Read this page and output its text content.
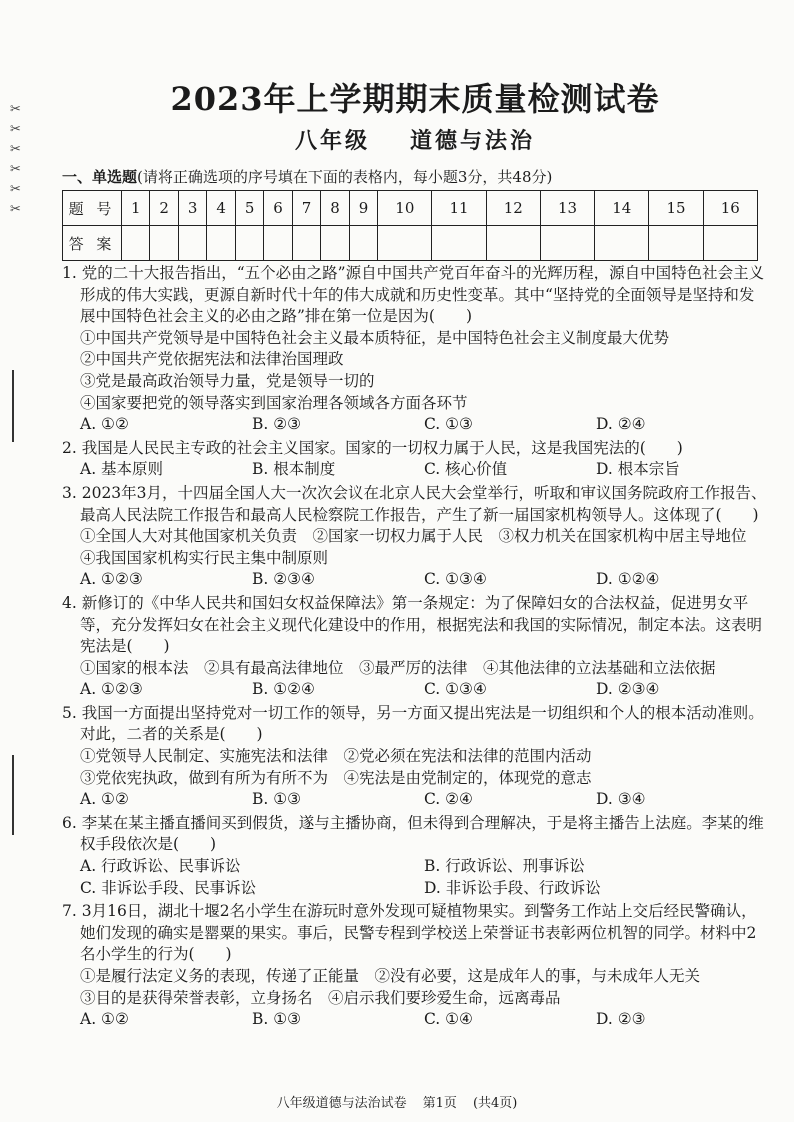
✂
✂
✂
✂
✂
✂
2023年上学期期末质量检测试卷
八年级 道德与法治
一、单选题(请将正确选项的序号填在下面的表格内，每小题3分，共48分)
题 号	1	2	3	4	5	6	7	8	9	10	11	12	13	14	15	16
答 案																
1. 党的二十大报告指出，“五个必由之路”源自中国共产党百年奋斗的光辉历程，源自中国特色社会主义形成的伟大实践，更源自新时代十年的伟大成就和历史性变革。其中“坚持党的全面领导是坚持和发展中国特色社会主义的必由之路”排在第一位是因为(　　)
①中国共产党领导是中国特色社会主义最本质特征，是中国特色社会主义制度最大优势
②中国共产党依据宪法和法律治国理政
③党是最高政治领导力量，党是领导一切的
④国家要把党的领导落实到国家治理各领域各方面各环节
A. ①②	B. ②③	C. ①③	D. ②④
2. 我国是人民民主专政的社会主义国家。国家的一切权力属于人民，这是我国宪法的(　　)
A. 基本原则	B. 根本制度	C. 核心价值	D. 根本宗旨
3. 2023年3月，十四届全国人大一次次会议在北京人民大会堂举行，听取和审议国务院政府工作报告、最高人民法院工作报告和最高人民检察院工作报告，产生了新一届国家机构领导人。这体现了(　　)
①全国人大对其他国家机关负责　②国家一切权力属于人民　③权力机关在国家机构中居主导地位　④我国国家机构实行民主集中制原则
A. ①②③	B. ②③④	C. ①③④	D. ①②④
4. 新修订的《中华人民共和国妇女权益保障法》第一条规定：为了保障妇女的合法权益，促进男女平等，充分发挥妇女在社会主义现代化建设中的作用，根据宪法和我国的实际情况，制定本法。这表明宪法是(　　)
①国家的根本法　②具有最高法律地位　③最严厉的法律　④其他法律的立法基础和立法依据
A. ①②③	B. ①②④	C. ①③④	D. ②③④
5. 我国一方面提出坚持党对一切工作的领导，另一方面又提出宪法是一切组织和个人的根本活动准则。对此，二者的关系是(　　)
①党领导人民制定、实施宪法和法律　②党必须在宪法和法律的范围内活动
③党依宪执政，做到有所为有所不为　④宪法是由党制定的，体现党的意志
A. ①②	B. ①③	C. ②④	D. ③④
6. 李某在某主播直播间买到假货，遂与主播协商，但未得到合理解决，于是将主播告上法庭。李某的维权手段依次是(　　)
A. 行政诉讼、民事诉讼	B. 行政诉讼、刑事诉讼
C. 非诉讼手段、民事诉讼	D. 非诉讼手段、行政诉讼
7. 3月16日，湖北十堰2名小学生在游玩时意外发现可疑植物果实。到警务工作站上交后经民警确认，她们发现的确实是罂粟的果实。事后，民警专程到学校送上荣誉证书表彰两位机智的同学。材料中2名小学生的行为(　　)
①是履行法定义务的表现，传递了正能量　②没有必要，这是成年人的事，与未成年人无关
③目的是获得荣誉表彰，立身扬名　④启示我们要珍爱生命，远离毒品
A. ①②	B. ①③	C. ①④	D. ②③
八年级道德与法治试卷 第1页 (共4页)
